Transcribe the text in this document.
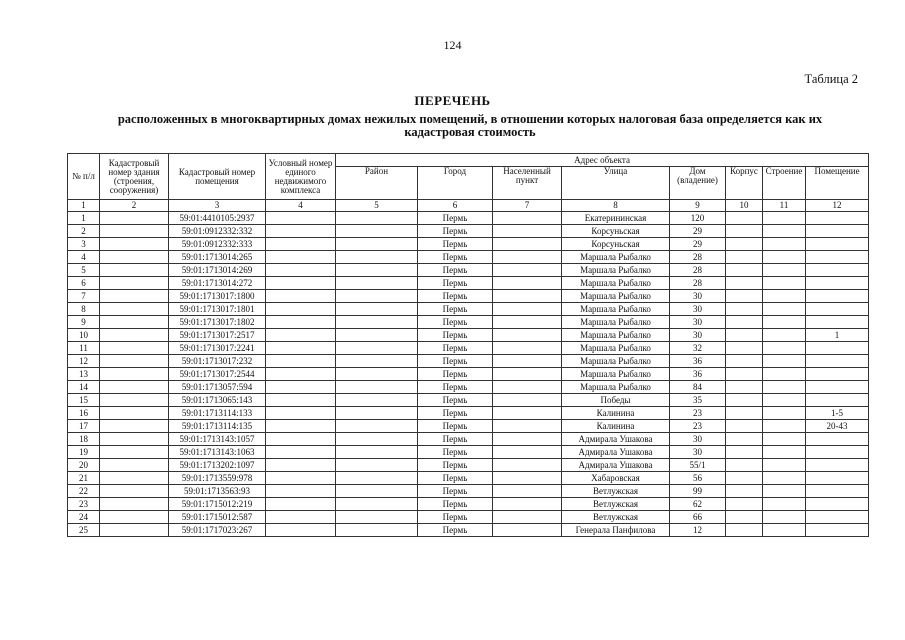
124
Таблица 2
ПЕРЕЧЕНЬ
расположенных в многоквартирных домах нежилых помещений, в отношении которых налоговая база определяется как их кадастровая стоимость
№ п/л	Кадастровый номер здания (строения, сооружения)	Кадастровый номер помещения	Условный номер единого недвижимого комплекса	Адрес объекта							
				Район	Город	Населенный пункт	Улица	Дом (владение)	Корпус	Строение	Помещение
1	2	3	4	5	6	7	8	9	10	11	12
1		59:01:4410105:2937			Пермь		Екатерининская	120			
2		59:01:0912332:332			Пермь		Корсуньская	29			
3		59:01:0912332:333			Пермь		Корсуньская	29			
4		59:01:1713014:265			Пермь		Маршала Рыбалко	28			
5		59:01:1713014:269			Пермь		Маршала Рыбалко	28			
6		59:01:1713014:272			Пермь		Маршала Рыбалко	28			
7		59:01:1713017:1800			Пермь		Маршала Рыбалко	30			
8		59:01:1713017:1801			Пермь		Маршала Рыбалко	30			
9		59:01:1713017:1802			Пермь		Маршала Рыбалко	30			
10		59:01:1713017:2517			Пермь		Маршала Рыбалко	30			1
11		59:01:1713017:2241			Пермь		Маршала Рыбалко	32			
12		59:01:1713017:232			Пермь		Маршала Рыбалко	36			
13		59:01:1713017:2544			Пермь		Маршала Рыбалко	36			
14		59:01:1713057:594			Пермь		Маршала Рыбалко	84			
15		59:01:1713065:143			Пермь		Победы	35			
16		59:01:1713114:133			Пермь		Калинина	23			1-5
17		59:01:1713114:135			Пермь		Калинина	23			20-43
18		59:01:1713143:1057			Пермь		Адмирала Ушакова	30			
19		59:01:1713143:1063			Пермь		Адмирала Ушакова	30			
20		59:01:1713202:1097			Пермь		Адмирала Ушакова	55/1			
21		59:01:1713559:978			Пермь		Хабаровская	56			
22		59:01:1713563:93			Пермь		Ветлужская	99			
23		59:01:1715012:219			Пермь		Ветлужская	62			
24		59:01:1715012:587			Пермь		Ветлужская	66			
25		59:01:1717023:267			Пермь		Генерала Панфилова	12			
